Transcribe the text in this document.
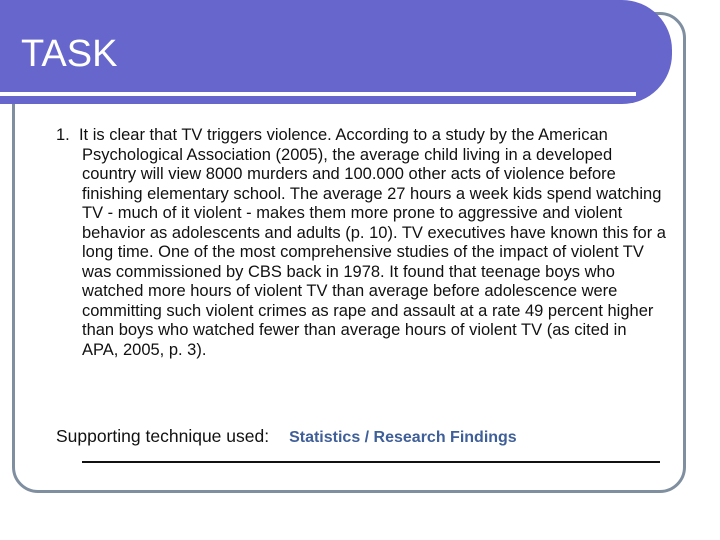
TASK

1. It is clear that TV triggers violence. According to a study by the American Psychological Association (2005), the average child living in a developed country will view 8000 murders and 100.000 other acts of violence before finishing elementary school. The average 27 hours a week kids spend watching TV - much of it violent - makes them more prone to aggressive and violent behavior as adolescents and adults (p. 10). TV executives have known this for a long time. One of the most comprehensive studies of the impact of violent TV was commissioned by CBS back in 1978. It found that teenage boys who watched more hours of violent TV than average before adolescence were committing such violent crimes as rape and assault at a rate 49 percent higher than boys who watched fewer than average hours of violent TV (as cited in APA, 2005, p. 3).

Supporting technique used: Statistics / Research Findings
